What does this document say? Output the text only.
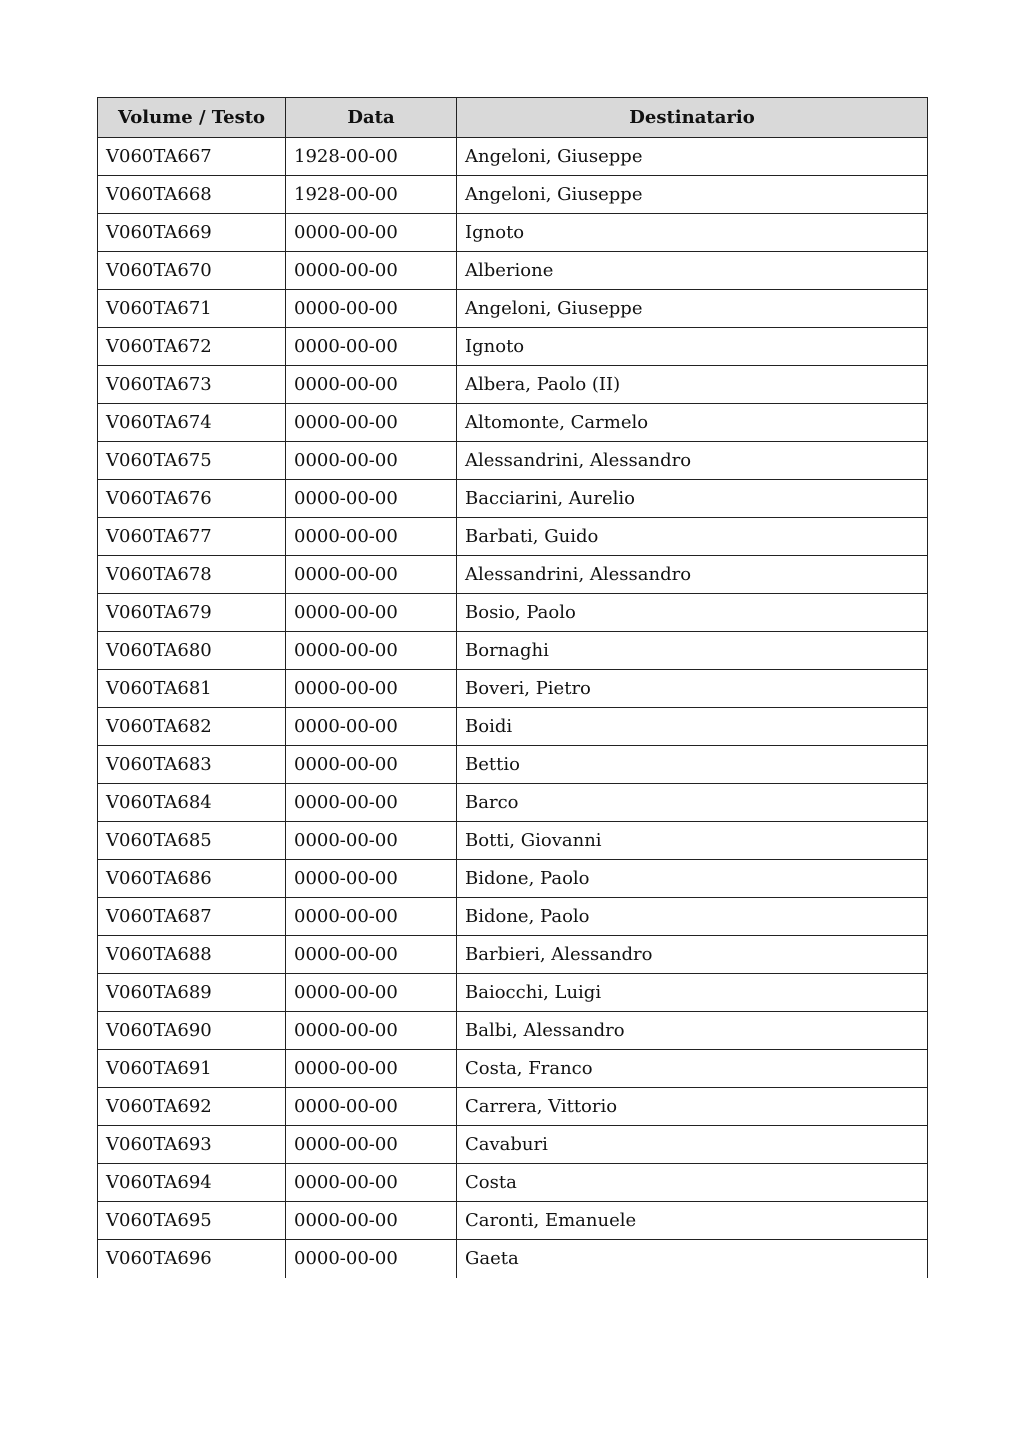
Volume / Testo	Data	Destinatario
V060TA667	1928-00-00	Angeloni, Giuseppe
V060TA668	1928-00-00	Angeloni, Giuseppe
V060TA669	0000-00-00	Ignoto
V060TA670	0000-00-00	Alberione
V060TA671	0000-00-00	Angeloni, Giuseppe
V060TA672	0000-00-00	Ignoto
V060TA673	0000-00-00	Albera, Paolo (II)
V060TA674	0000-00-00	Altomonte, Carmelo
V060TA675	0000-00-00	Alessandrini, Alessandro
V060TA676	0000-00-00	Bacciarini, Aurelio
V060TA677	0000-00-00	Barbati, Guido
V060TA678	0000-00-00	Alessandrini, Alessandro
V060TA679	0000-00-00	Bosio, Paolo
V060TA680	0000-00-00	Bornaghi
V060TA681	0000-00-00	Boveri, Pietro
V060TA682	0000-00-00	Boidi
V060TA683	0000-00-00	Bettio
V060TA684	0000-00-00	Barco
V060TA685	0000-00-00	Botti, Giovanni
V060TA686	0000-00-00	Bidone, Paolo
V060TA687	0000-00-00	Bidone, Paolo
V060TA688	0000-00-00	Barbieri, Alessandro
V060TA689	0000-00-00	Baiocchi, Luigi
V060TA690	0000-00-00	Balbi, Alessandro
V060TA691	0000-00-00	Costa, Franco
V060TA692	0000-00-00	Carrera, Vittorio
V060TA693	0000-00-00	Cavaburi
V060TA694	0000-00-00	Costa
V060TA695	0000-00-00	Caronti, Emanuele
V060TA696	0000-00-00	Gaeta
